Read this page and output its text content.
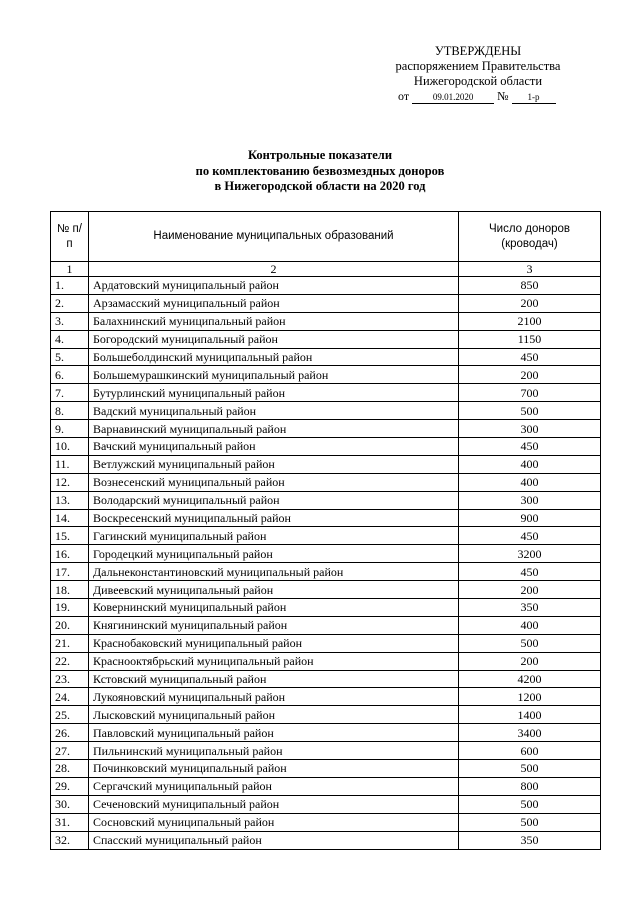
УТВЕРЖДЕНЫ
распоряжением Правительства
Нижегородской области
от	09.01.2020 № 1-р
Контрольные показатели
по комплектованию безвозмездных доноров
в Нижегородской области на 2020 год
№ п/п	Наименование муниципальных образований	Число доноров (кроводач)
1	2	3
1.	Ардатовский муниципальный район	850
2.	Арзамасский муниципальный район	200
3.	Балахнинский муниципальный район	2100
4.	Богородский муниципальный район	1150
5.	Большеболдинский муниципальный район	450
6.	Большемурашкинский муниципальный район	200
7.	Бутурлинский муниципальный район	700
8.	Вадский муниципальный район	500
9.	Варнавинский муниципальный район	300
10.	Вачский муниципальный район	450
11.	Ветлужский муниципальный район	400
12.	Вознесенский муниципальный район	400
13.	Володарский муниципальный район	300
14.	Воскресенский муниципальный район	900
15.	Гагинский муниципальный район	450
16.	Городецкий муниципальный район	3200
17.	Дальнеконстантиновский муниципальный район	450
18.	Дивеевский муниципальный район	200
19.	Ковернинский муниципальный район	350
20.	Княгининский муниципальный район	400
21.	Краснобаковский муниципальный район	500
22.	Краснооктябрьский муниципальный район	200
23.	Кстовский муниципальный район	4200
24.	Лукояновский муниципальный район	1200
25.	Лысковский муниципальный район	1400
26.	Павловский муниципальный район	3400
27.	Пильнинский муниципальный район	600
28.	Починковский муниципальный район	500
29.	Сергачский муниципальный район	800
30.	Сеченовский муниципальный район	500
31.	Сосновский муниципальный район	500
32.	Спасский муниципальный район	350
